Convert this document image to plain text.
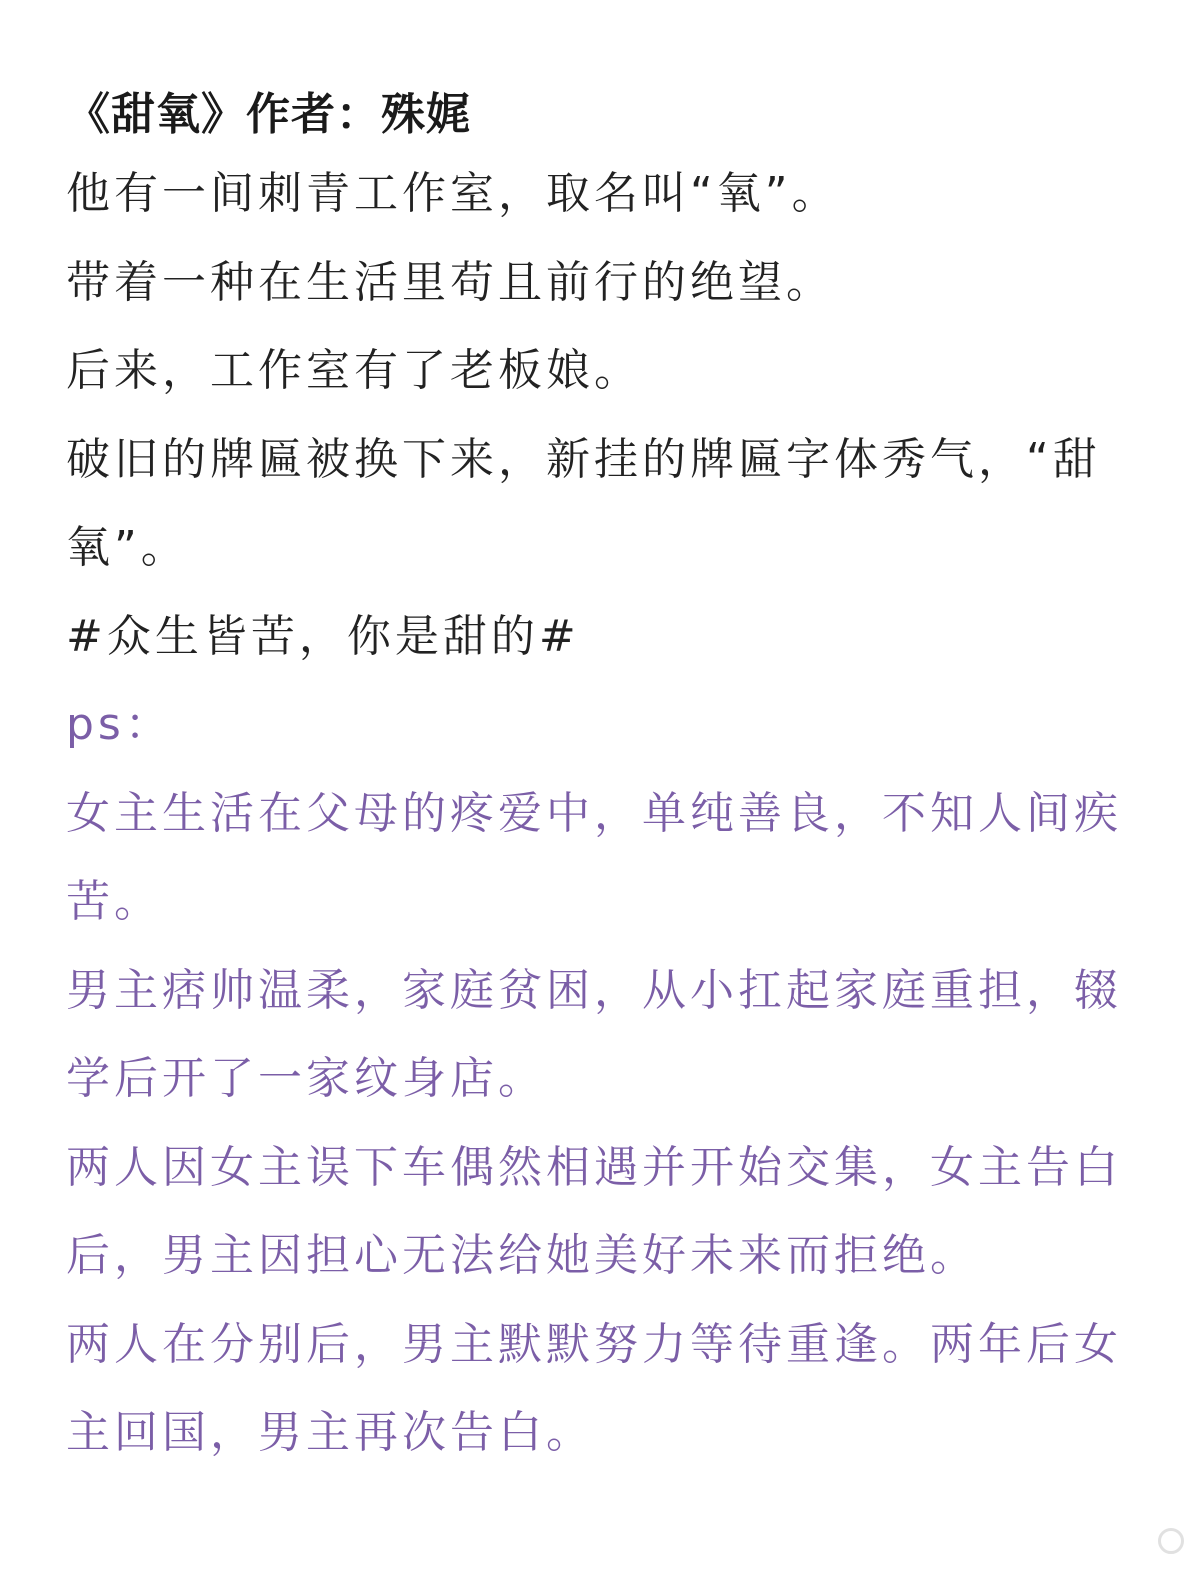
《甜氧》作者：殊娓

他有一间刺青工作室，取名叫“氧”。

带着一种在生活里苟且前行的绝望。

后来，工作室有了老板娘。

破旧的牌匾被换下来，新挂的牌匾字体秀气，“甜氧”。

#众生皆苦，你是甜的#

ps：

女主生活在父母的疼爱中，单纯善良，不知人间疾苦。

男主痞帅温柔，家庭贫困，从小扛起家庭重担，辍学后开了一家纹身店。

两人因女主误下车偶然相遇并开始交集，女主告白后，男主因担心无法给她美好未来而拒绝。

两人在分别后，男主默默努力等待重逢。两年后女主回国，男主再次告白。
